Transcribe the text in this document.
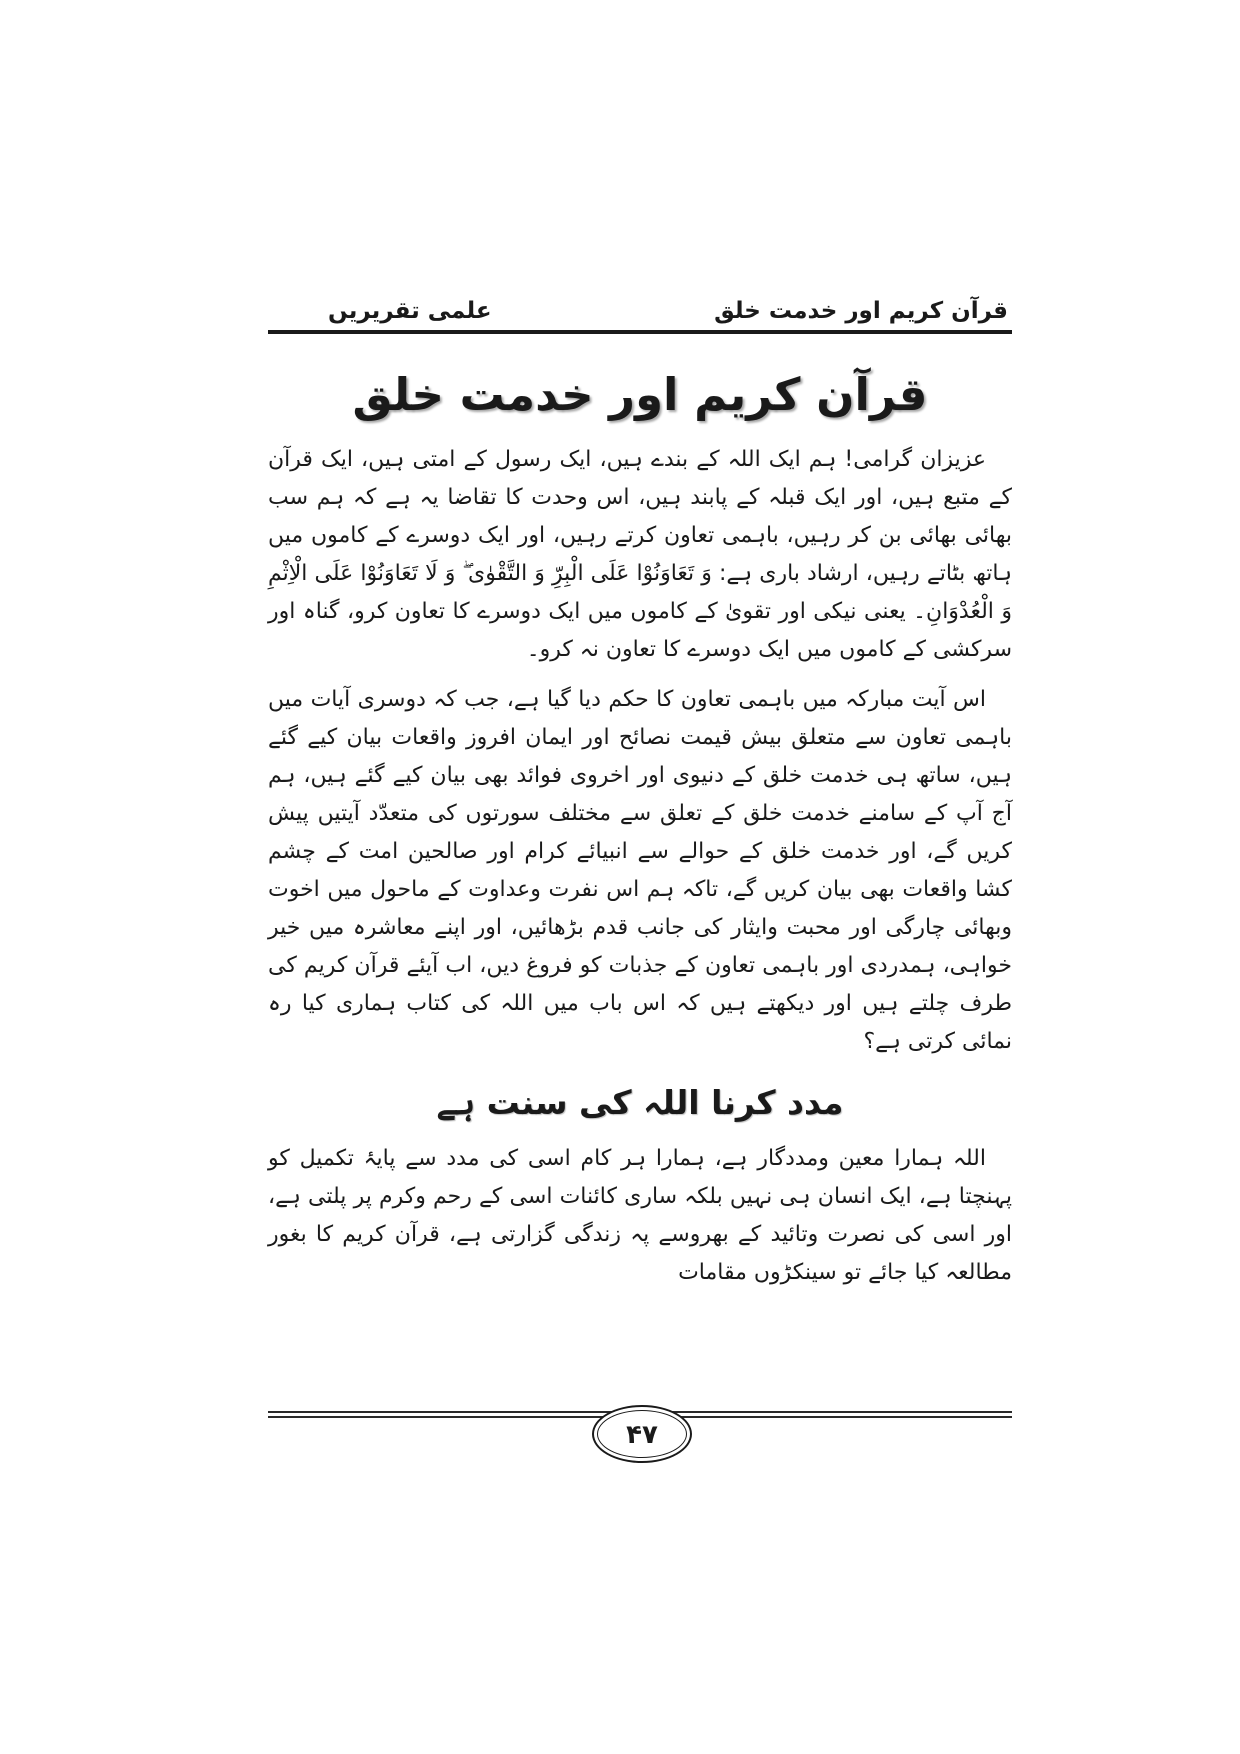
قرآن کریم اور خدمت خلق
علمی تقریریں
قرآن کریم اور خدمت خلق

عزیزان گرامی! ہم ایک اللہ کے بندے ہیں، ایک رسول کے امتی ہیں، ایک قرآن کے متبع ہیں، اور ایک قبلہ کے پابند ہیں، اس وحدت کا تقاضا یہ ہے کہ ہم سب بھائی بھائی بن کر رہیں، باہمی تعاون کرتے رہیں، اور ایک دوسرے کے کاموں میں ہاتھ بٹاتے رہیں، ارشاد باری ہے: وَ تَعَاوَنُوْا عَلَی الْبِرِّ وَ التَّقْوٰی ۖ وَ لَا تَعَاوَنُوْا عَلَی الْاِثْمِ وَ الْعُدْوَانِ۔ یعنی نیکی اور تقویٰ کے کاموں میں ایک دوسرے کا تعاون کرو، گناہ اور سرکشی کے کاموں میں ایک دوسرے کا تعاون نہ کرو۔

اس آیت مبارکہ میں باہمی تعاون کا حکم دیا گیا ہے، جب کہ دوسری آیات میں باہمی تعاون سے متعلق بیش قیمت نصائح اور ایمان افروز واقعات بیان کیے گئے ہیں، ساتھ ہی خدمت خلق کے دنیوی اور اخروی فوائد بھی بیان کیے گئے ہیں، ہم آج آپ کے سامنے خدمت خلق کے تعلق سے مختلف سورتوں کی متعدّد آیتیں پیش کریں گے، اور خدمت خلق کے حوالے سے انبیائے کرام اور صالحین امت کے چشم کشا واقعات بھی بیان کریں گے، تاکہ ہم اس نفرت وعداوت کے ماحول میں اخوت وبھائی چارگی اور محبت وایثار کی جانب قدم بڑھائیں، اور اپنے معاشرہ میں خیر خواہی، ہمدردی اور باہمی تعاون کے جذبات کو فروغ دیں، اب آیئے قرآن کریم کی طرف چلتے ہیں اور دیکھتے ہیں کہ اس باب میں اللہ کی کتاب ہماری کیا رہ نمائی کرتی ہے؟

مدد کرنا اللہ کی سنت ہے

اللہ ہمارا معین ومددگار ہے، ہمارا ہر کام اسی کی مدد سے پایۂ تکمیل کو پہنچتا ہے، ایک انسان ہی نہیں بلکہ ساری کائنات اسی کے رحم وکرم پر پلتی ہے، اور اسی کی نصرت وتائید کے بھروسے پہ زندگی گزارتی ہے، قرآن کریم کا بغور مطالعہ کیا جائے تو سینکڑوں مقامات

۴۷
